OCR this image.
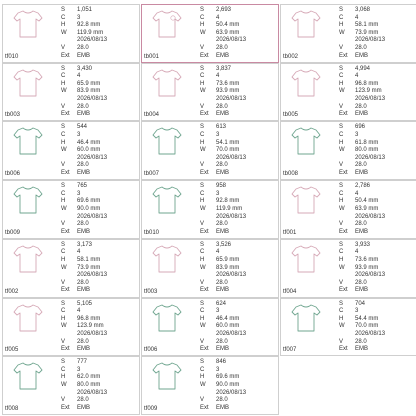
S	1,051
C	3
H	92.8 mm
W	119.9 mm
2026/08/13
V	28.0
Ext	EMB
tf010
S	2,693
C	4
H	50.4 mm
W	63.9 mm
2026/08/13
V	28.0
Ext	EMB
tb001
S	3,068
C	4
H	58.1 mm
W	73.9 mm
2026/08/13
V	28.0
Ext	EMB
tb002
S	3,430
C	4
H	65.9 mm
W	83.9 mm
2026/08/13
V	28.0
Ext	EMB
tb003
S	3,837
C	4
H	73.6 mm
W	93.9 mm
2026/08/13
V	28.0
Ext	EMB
tb004
S	4,994
C	4
H	96.8 mm
W	123.9 mm
2026/08/13
V	28.0
Ext	EMB
tb005
S	544
C	3
H	46.4 mm
W	60.0 mm
2026/08/13
V	28.0
Ext	EMB
tb006
S	613
C	3
H	54.1 mm
W	70.0 mm
2026/08/13
V	28.0
Ext	EMB
tb007
S	696
C	3
H	61.8 mm
W	80.0 mm
2026/08/13
V	28.0
Ext	EMB
tb008
S	765
C	3
H	69.6 mm
W	90.0 mm
2026/08/13
V	28.0
Ext	EMB
tb009
S	958
C	3
H	92.8 mm
W	119.9 mm
2026/08/13
V	28.0
Ext	EMB
tb010
S	2,786
C	4
H	50.4 mm
W	63.9 mm
2026/08/13
V	28.0
Ext	EMB
tf001
S	3,173
C	4
H	58.1 mm
W	73.9 mm
2026/08/13
V	28.0
Ext	EMB
tf002
S	3,526
C	4
H	65.9 mm
W	83.9 mm
2026/08/13
V	28.0
Ext	EMB
tf003
S	3,933
C	4
H	73.6 mm
W	93.9 mm
2026/08/13
V	28.0
Ext	EMB
tf004
S	5,105
C	4
H	96.8 mm
W	123.9 mm
2026/08/13
V	28.0
Ext	EMB
tf005
S	624
C	3
H	46.4 mm
W	60.0 mm
2026/08/13
V	28.0
Ext	EMB
tf006
S	704
C	3
H	54.4 mm
W	70.0 mm
2026/08/13
V	28.0
Ext	EMB
tf007
S	777
C	3
H	62.0 mm
W	80.0 mm
2026/08/13
V	28.0
Ext	EMB
tf008
S	846
C	3
H	69.6 mm
W	90.0 mm
2026/08/13
V	28.0
Ext	EMB
tf009
